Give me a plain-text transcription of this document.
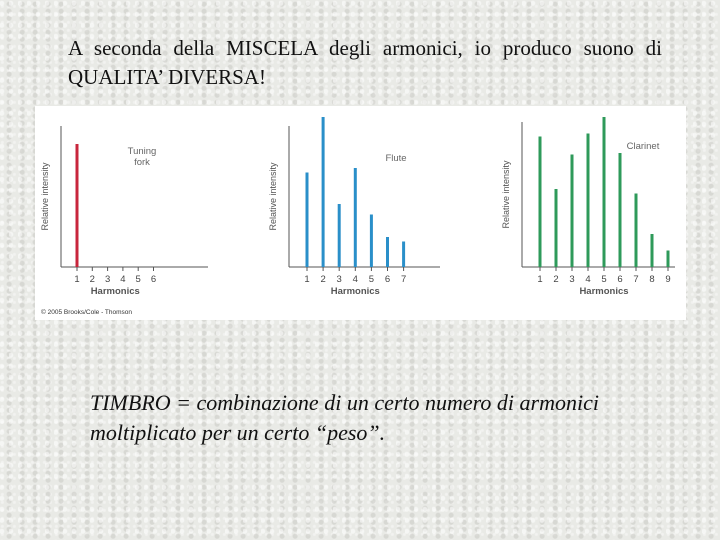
A seconda della MISCELA degli armonici, io produco suono di QUALITA’ DIVERSA!

© 2005 Brooks/Cole - Thomson
Relative intensity
Harmonics
Tuning
fork
1 2 3 4 5 6
Relative intensity
Harmonics
Flute
1 2 3 4 5 6 7
Relative intensity
Harmonics
Clarinet
1 2 3 4 5 6 7 8 9

TIMBRO = combinazione di un certo numero di armonici
moltiplicato per un certo “peso”.
